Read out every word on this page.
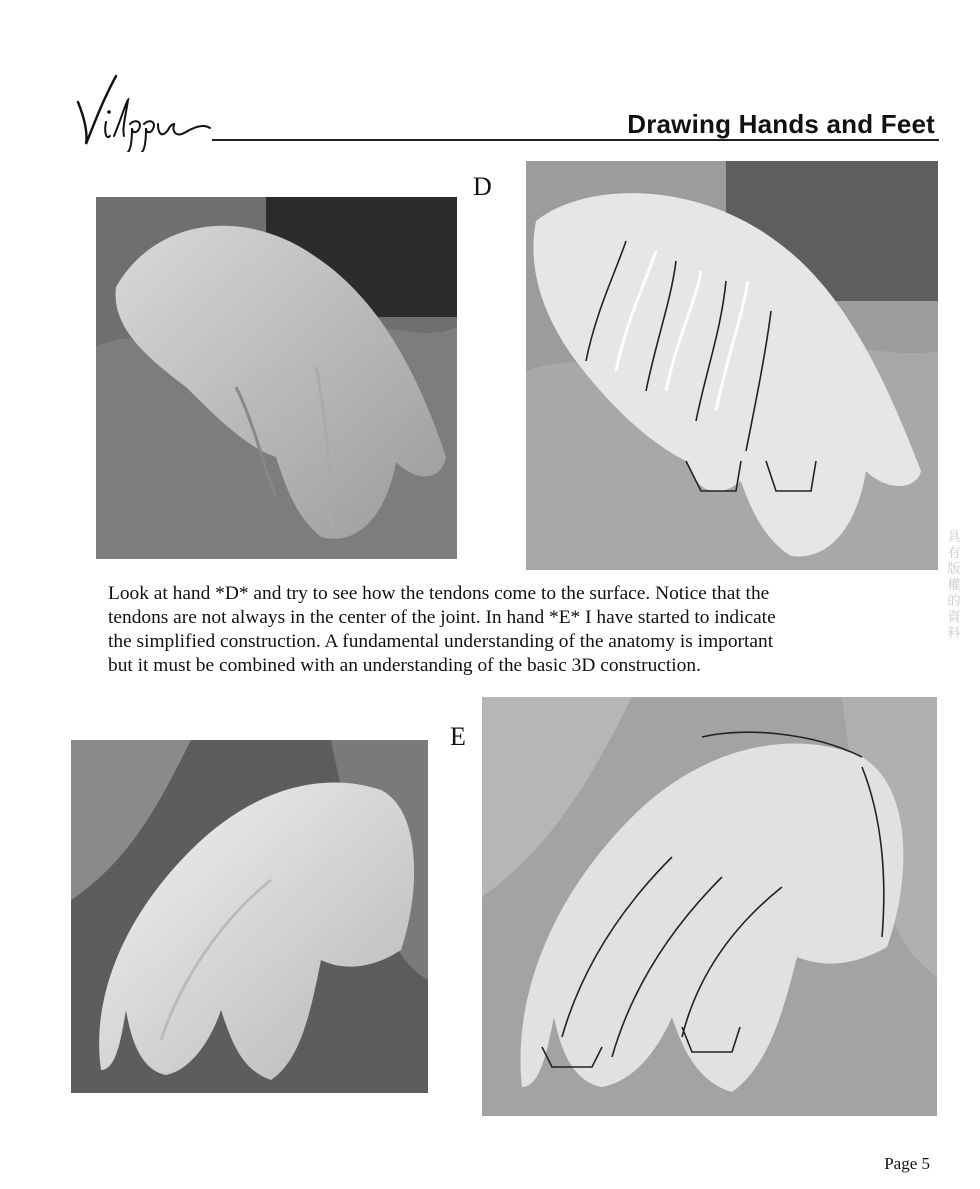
Drawing Hands and Feet
D
E
Look at hand *D* and try to see how the tendons come to the surface. Notice that the
tendons are not always in the center of the joint. In hand *E* I have started to indicate
the simplified construction. A fundamental understanding of the anatomy is important
but it must be combined with an understanding of the basic 3D construction.
具有版權的資料
Page 5
